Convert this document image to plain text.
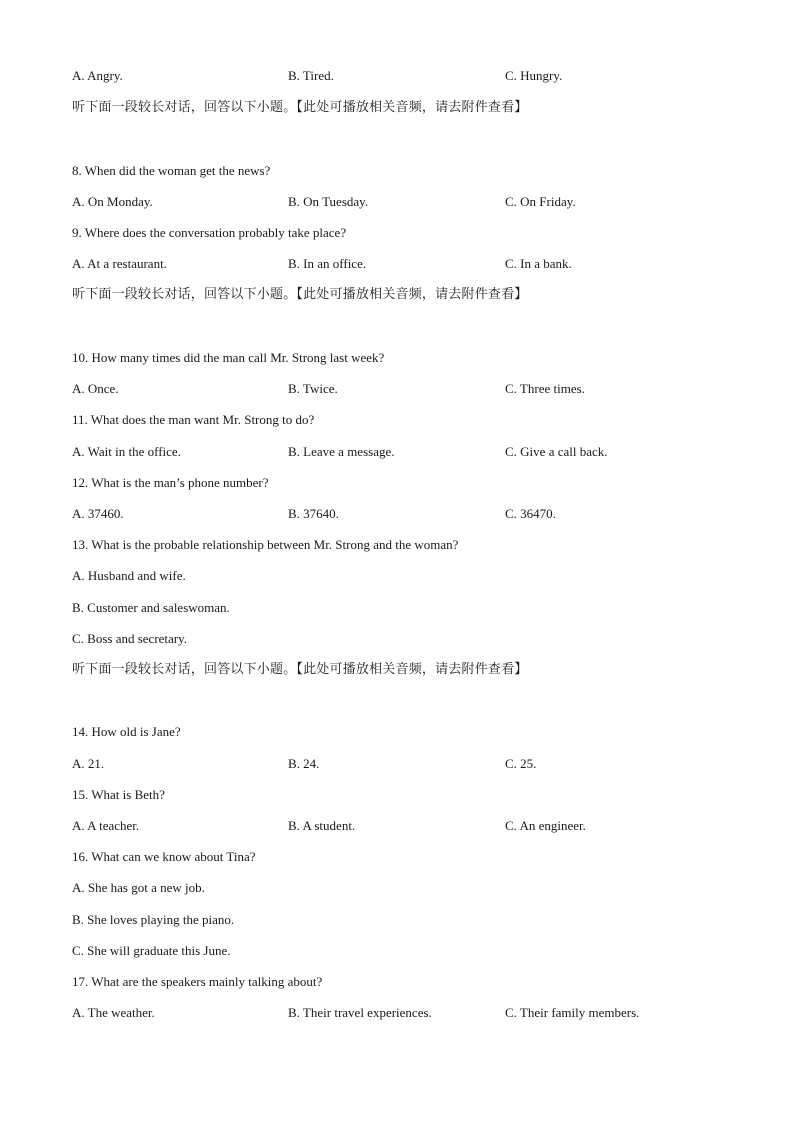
A. Angry.	B. Tired.	C. Hungry.
听下面一段较长对话，回答以下小题。【此处可播放相关音频，请去附件查看】
8. When did the woman get the news?
A. On Monday.	B. On Tuesday.	C. On Friday.
9. Where does the conversation probably take place?
A. At a restaurant.	B. In an office.	C. In a bank.
听下面一段较长对话，回答以下小题。【此处可播放相关音频，请去附件查看】
10. How many times did the man call Mr. Strong last week?
A. Once.	B. Twice.	C. Three times.
11. What does the man want Mr. Strong to do?
A. Wait in the office.	B. Leave a message.	C. Give a call back.
12. What is the man’s phone number?
A. 37460.	B. 37640.	C. 36470.
13. What is the probable relationship between Mr. Strong and the woman?
A. Husband and wife.
B. Customer and saleswoman.
C. Boss and secretary.
听下面一段较长对话，回答以下小题。【此处可播放相关音频，请去附件查看】
14. How old is Jane?
A. 21.	B. 24.	C. 25.
15. What is Beth?
A. A teacher.	B. A student.	C. An engineer.
16. What can we know about Tina?
A. She has got a new job.
B. She loves playing the piano.
C. She will graduate this June.
17. What are the speakers mainly talking about?
A. The weather.	B. Their travel experiences.	C. Their family members.
